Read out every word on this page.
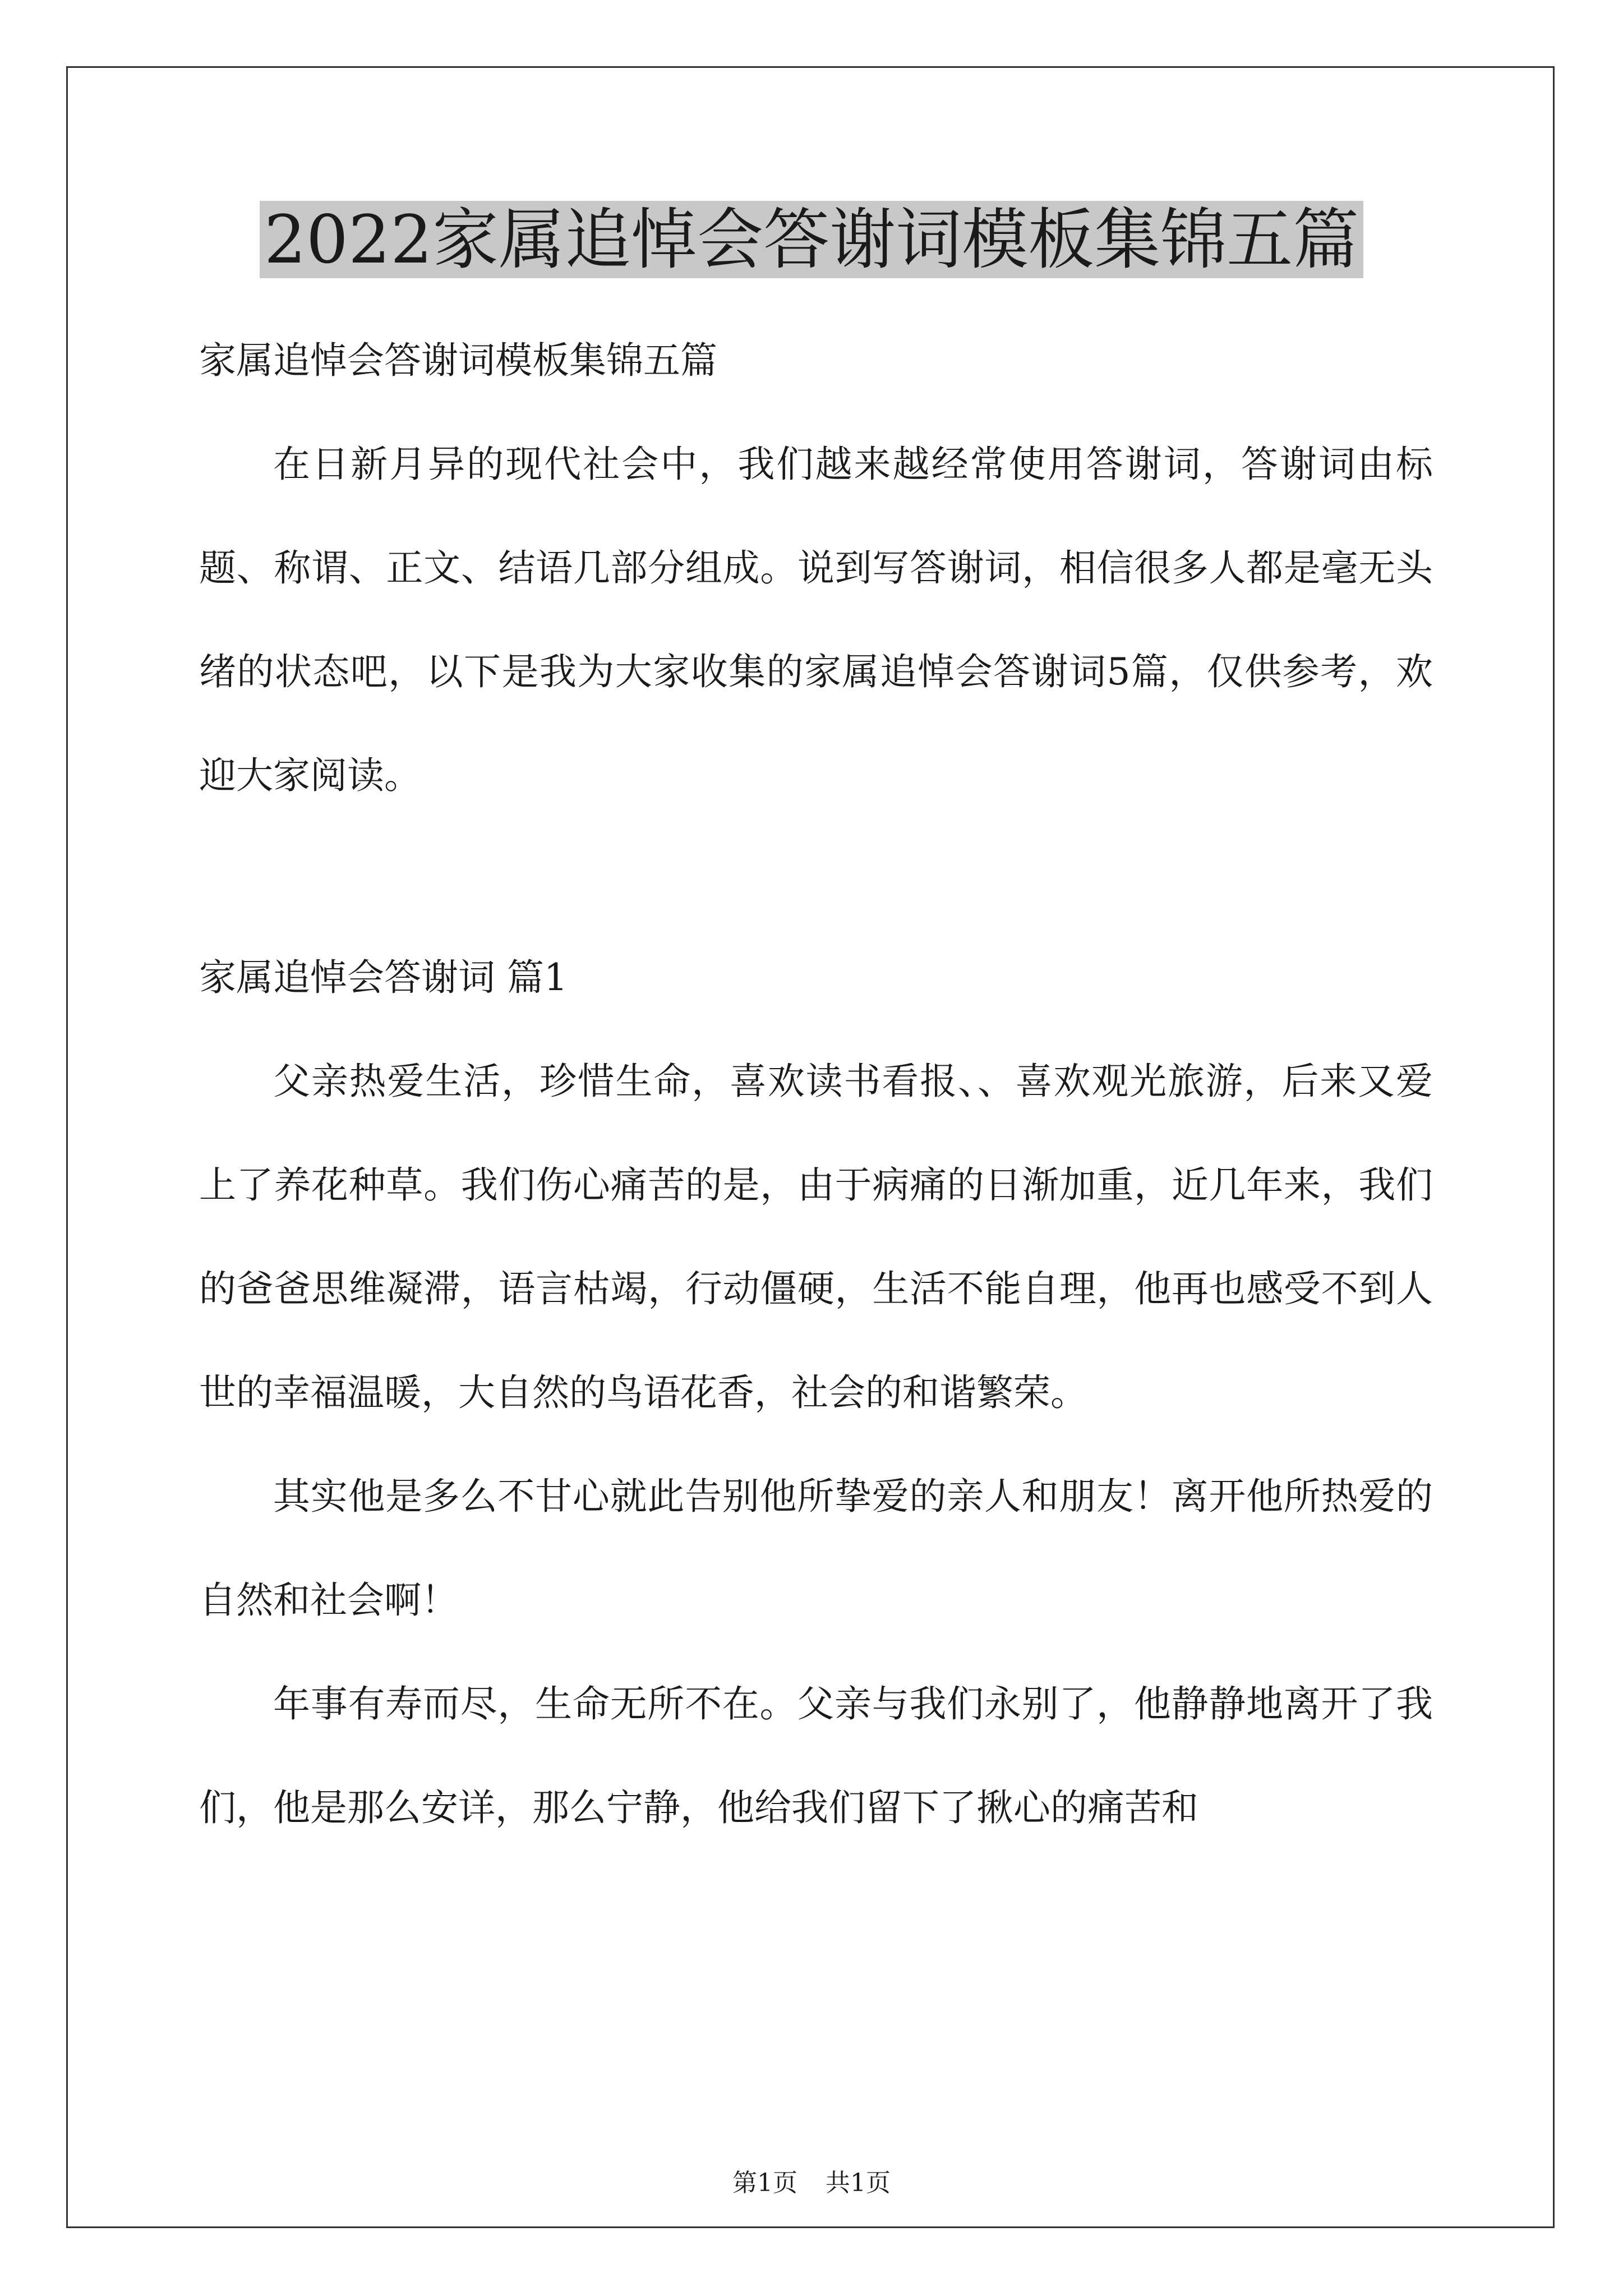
2022家属追悼会答谢词模板集锦五篇

家属追悼会答谢词模板集锦五篇

在日新月异的现代社会中，我们越来越经常使用答谢词，答谢词由标题、称谓、正文、结语几部分组成。说到写答谢词，相信很多人都是毫无头绪的状态吧，以下是我为大家收集的家属追悼会答谢词5篇，仅供参考，欢迎大家阅读。

家属追悼会答谢词 篇1

父亲热爱生活，珍惜生命，喜欢读书看报、、喜欢观光旅游，后来又爱上了养花种草。我们伤心痛苦的是，由于病痛的日渐加重，近几年来，我们的爸爸思维凝滞，语言枯竭，行动僵硬，生活不能自理，他再也感受不到人世的幸福温暖，大自然的鸟语花香，社会的和谐繁荣。

其实他是多么不甘心就此告别他所挚爱的亲人和朋友！离开他所热爱的自然和社会啊！

年事有寿而尽，生命无所不在。父亲与我们永别了，他静静地离开了我们，他是那么安详，那么宁静，他给我们留下了揪心的痛苦和

第1页 共1页
